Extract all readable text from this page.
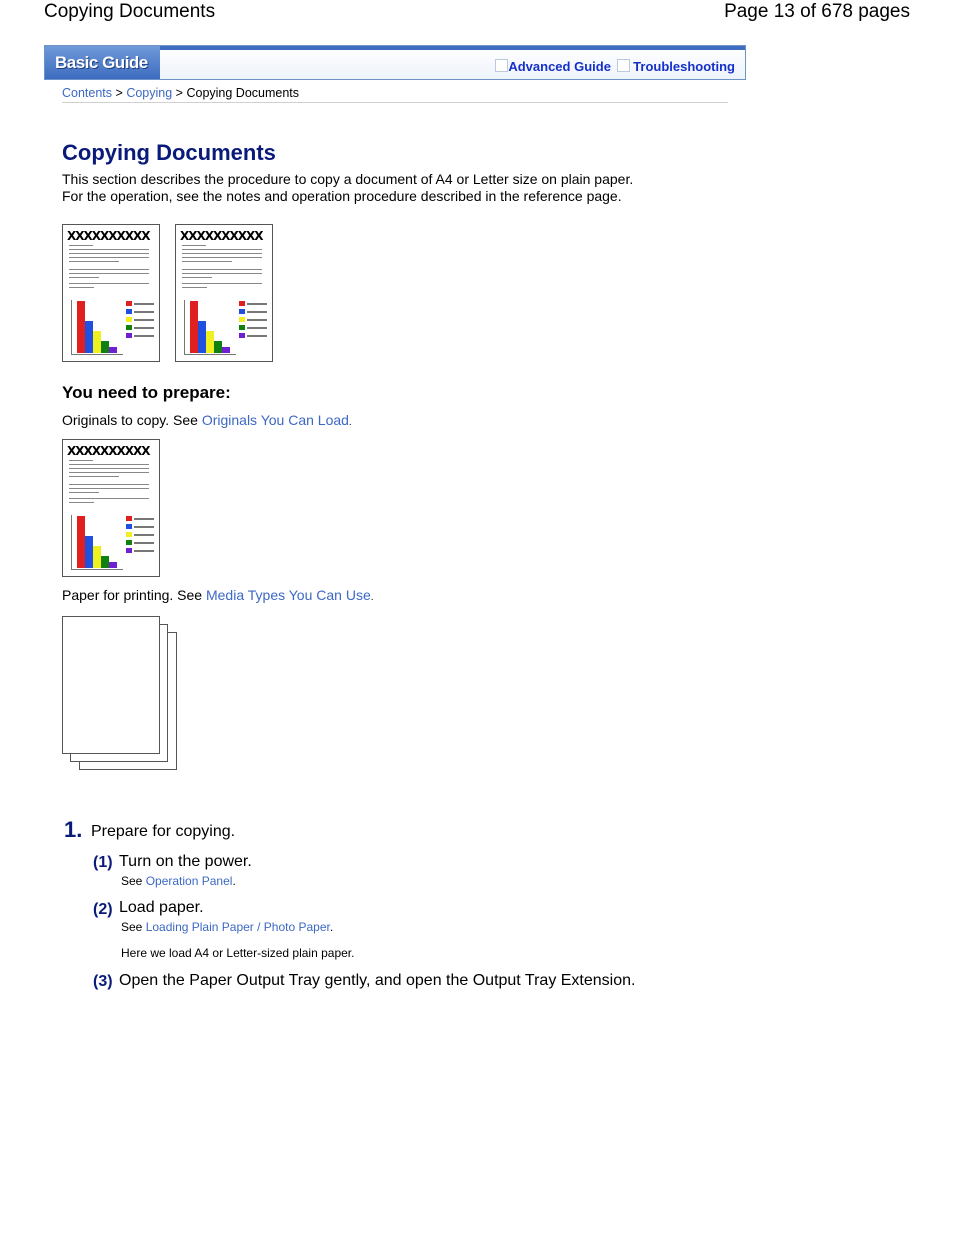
Copying Documents	Page 13 of 678 pages
Basic Guide	Advanced Guide Troubleshooting
Contents > Copying > Copying Documents
Copying Documents
This section describes the procedure to copy a document of A4 or Letter size on plain paper.
For the operation, see the notes and operation procedure described in the reference page.
XXXXXXXXXX	XXXXXXXXXX
You need to prepare:
Originals to copy. See Originals You Can Load.
XXXXXXXXXX
Paper for printing. See Media Types You Can Use.
1. Prepare for copying.
(1) Turn on the power.
See Operation Panel.
(2) Load paper.
See Loading Plain Paper / Photo Paper.
Here we load A4 or Letter-sized plain paper.
(3) Open the Paper Output Tray gently, and open the Output Tray Extension.
